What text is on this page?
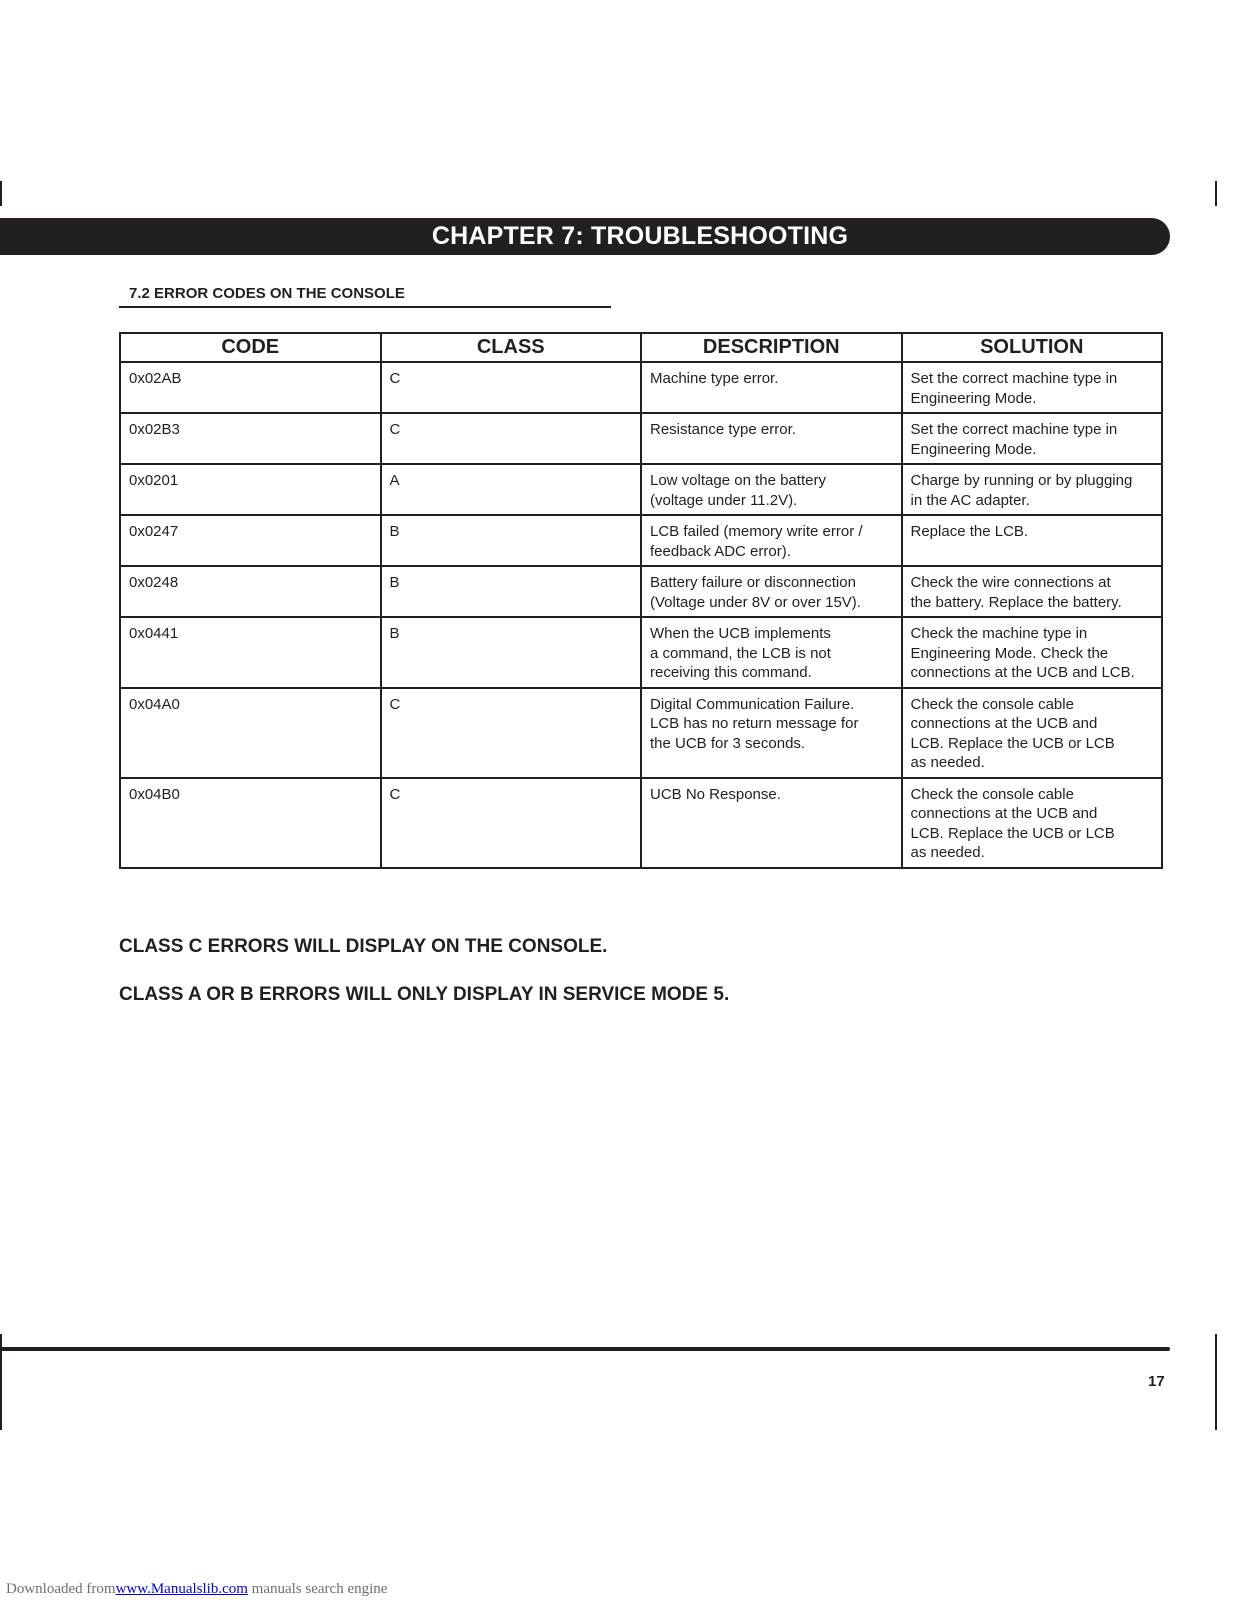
CHAPTER 7: TROUBLESHOOTING
7.2 ERROR CODES ON THE CONSOLE
CODE	CLASS	DESCRIPTION	SOLUTION
0x02AB	C	Machine type error.	Set the correct machine type in
Engineering Mode.
0x02B3	C	Resistance type error.	Set the correct machine type in
Engineering Mode.
0x0201	A	Low voltage on the battery
(voltage under 11.2V).	Charge by running or by plugging
in the AC adapter.
0x0247	B	LCB failed (memory write error /
feedback ADC error).	Replace the LCB.
0x0248	B	Battery failure or disconnection
(Voltage under 8V or over 15V).	Check the wire connections at
the battery. Replace the battery.
0x0441	B	When the UCB implements
a command, the LCB is not
receiving this command.	Check the machine type in
Engineering Mode. Check the
connections at the UCB and LCB.
0x04A0	C	Digital Communication Failure.
LCB has no return message for
the UCB for 3 seconds.	Check the console cable
connections at the UCB and
LCB. Replace the UCB or LCB
as needed.
0x04B0	C	UCB No Response.	Check the console cable
connections at the UCB and
LCB. Replace the UCB or LCB
as needed.
CLASS C ERRORS WILL DISPLAY ON THE CONSOLE.
CLASS A OR B ERRORS WILL ONLY DISPLAY IN SERVICE MODE 5.
17
Downloaded fromwww.Manualslib.com manuals search engine
